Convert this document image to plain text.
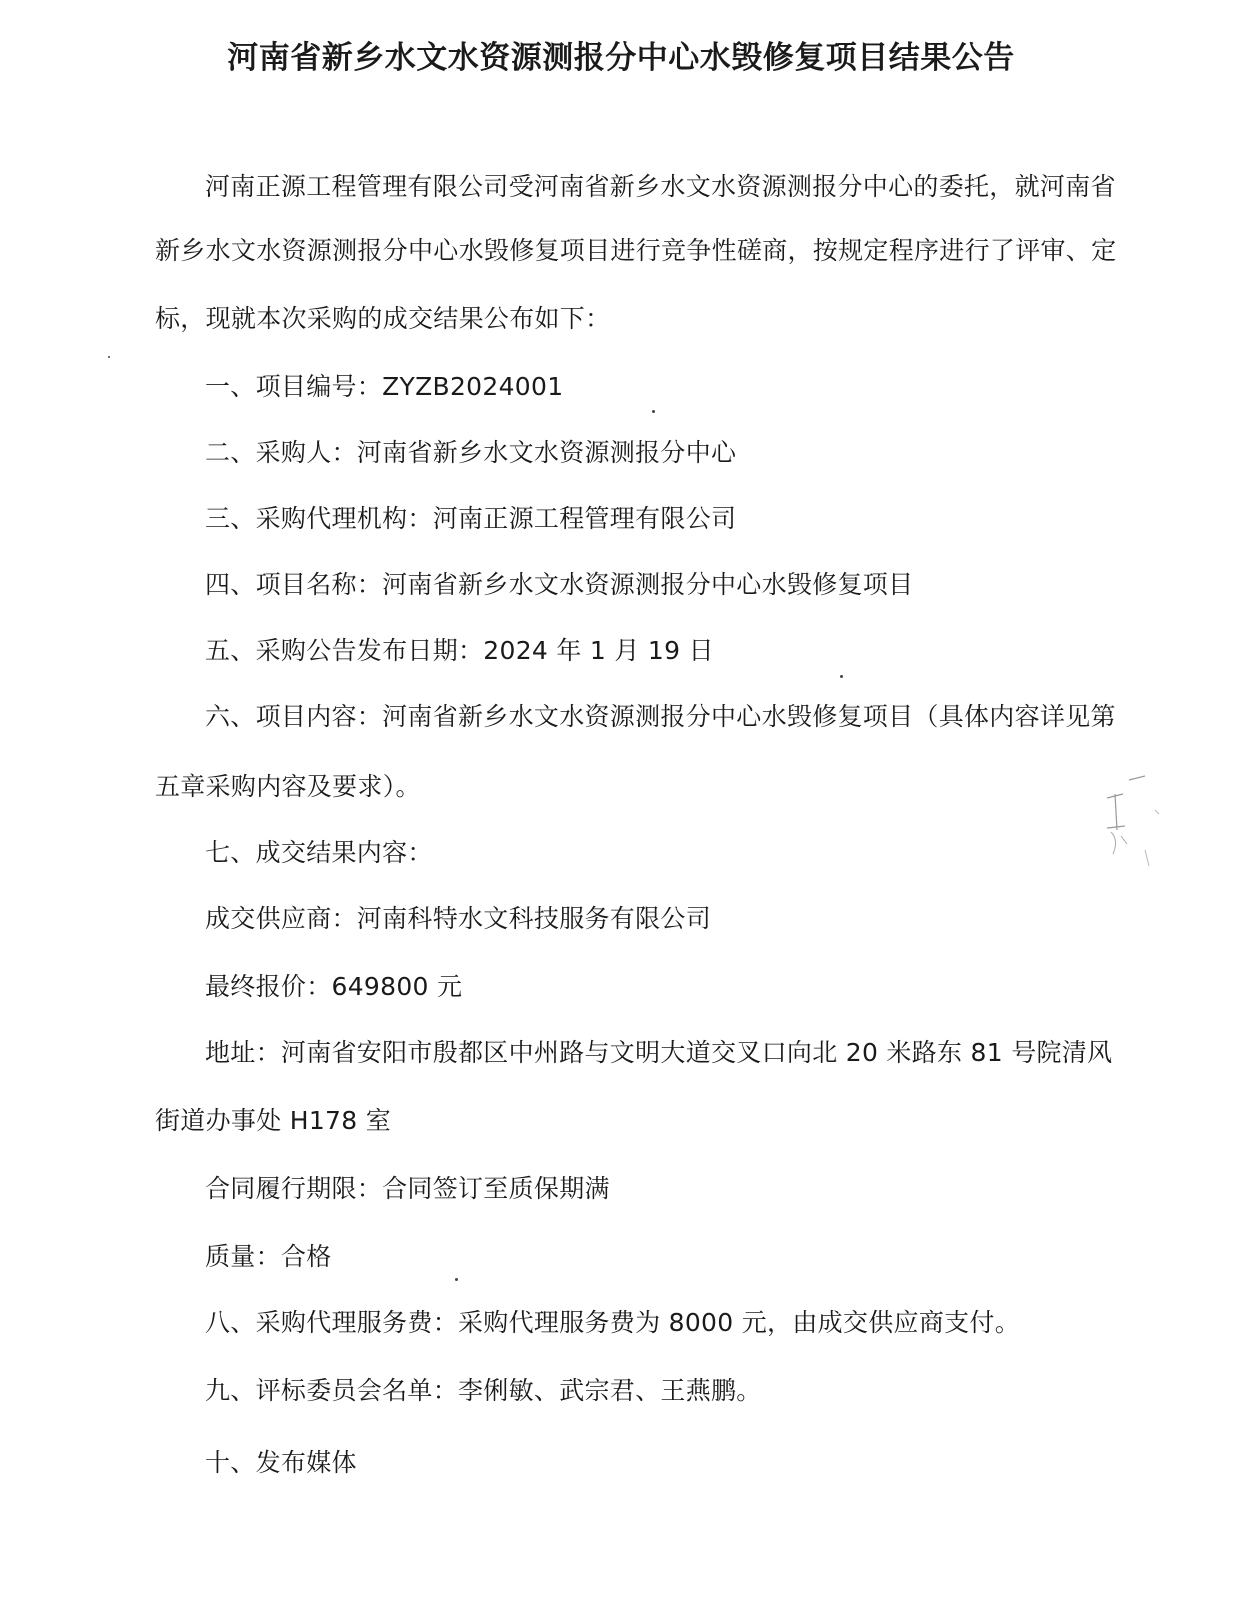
河南省新乡水文水资源测报分中心水毁修复项目结果公告
河南正源工程管理有限公司受河南省新乡水文水资源测报分中心的委托，就河南省
新乡水文水资源测报分中心水毁修复项目进行竞争性磋商，按规定程序进行了评审、定
标，现就本次采购的成交结果公布如下：
一、项目编号：ZYZB2024001
二、采购人：河南省新乡水文水资源测报分中心
三、采购代理机构：河南正源工程管理有限公司
四、项目名称：河南省新乡水文水资源测报分中心水毁修复项目
五、采购公告发布日期：2024 年 1 月 19 日
六、项目内容：河南省新乡水文水资源测报分中心水毁修复项目（具体内容详见第
五章采购内容及要求）。
七、成交结果内容：
成交供应商：河南科特水文科技服务有限公司
最终报价：649800 元
地址：河南省安阳市殷都区中州路与文明大道交叉口向北 20 米路东 81 号院清风
街道办事处 H178 室
合同履行期限：合同签订至质保期满
质量：合格
八、采购代理服务费：采购代理服务费为 8000 元，由成交供应商支付。
九、评标委员会名单：李俐敏、武宗君、王燕鹏。
十、发布媒体
